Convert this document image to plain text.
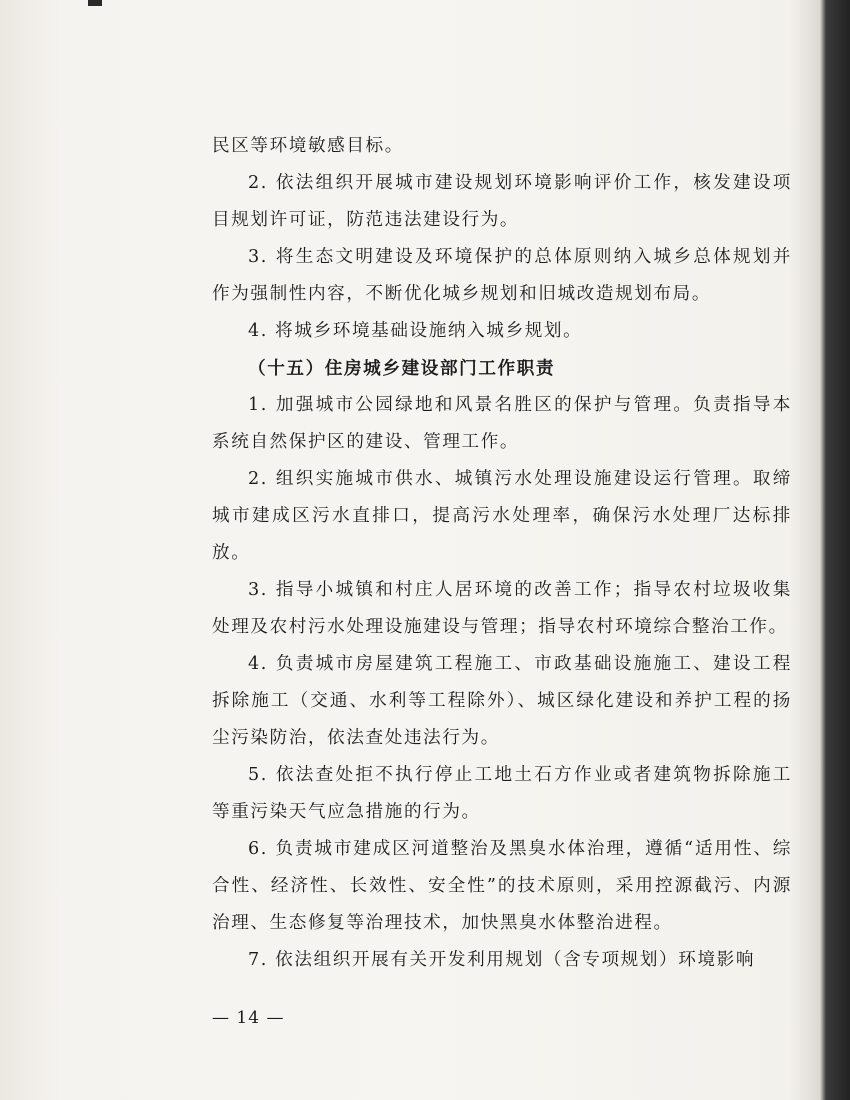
民区等环境敏感目标。

2. 依法组织开展城市建设规划环境影响评价工作，核发建设项目规划许可证，防范违法建设行为。

3. 将生态文明建设及环境保护的总体原则纳入城乡总体规划并作为强制性内容，不断优化城乡规划和旧城改造规划布局。

4. 将城乡环境基础设施纳入城乡规划。

（十五）住房城乡建设部门工作职责

1. 加强城市公园绿地和风景名胜区的保护与管理。负责指导本系统自然保护区的建设、管理工作。

2. 组织实施城市供水、城镇污水处理设施建设运行管理。取缔城市建成区污水直排口，提高污水处理率，确保污水处理厂达标排放。

3. 指导小城镇和村庄人居环境的改善工作；指导农村垃圾收集处理及农村污水处理设施建设与管理；指导农村环境综合整治工作。

4. 负责城市房屋建筑工程施工、市政基础设施施工、建设工程拆除施工（交通、水利等工程除外）、城区绿化建设和养护工程的扬尘污染防治，依法查处违法行为。

5. 依法查处拒不执行停止工地土石方作业或者建筑物拆除施工等重污染天气应急措施的行为。

6. 负责城市建成区河道整治及黑臭水体治理，遵循“适用性、综合性、经济性、长效性、安全性”的技术原则，采用控源截污、内源治理、生态修复等治理技术，加快黑臭水体整治进程。

7. 依法组织开展有关开发利用规划（含专项规划）环境影响

— 14 —
